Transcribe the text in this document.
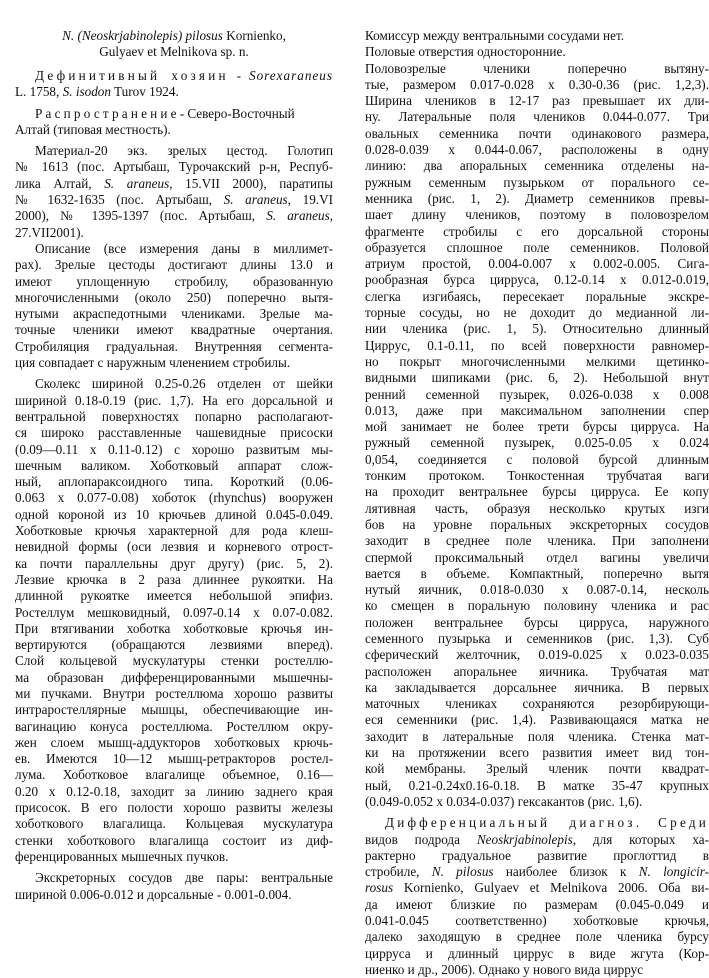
N. (Neoskrjabinolepis) pilosus Kornienko,
Gulyaev et Melnikova sp. n.
Дефинитивный хозяин - Sorexaraneus
L. 1758, S. isodon Turov 1924.
Распространение-Северо-Восточный
Алтай (типовая местность).
Материал-20 экз. зрелых цестод. Голотип
№ 1613 (пос. Артыбаш, Турочакский р-н, Респуб-
лика Алтай, S. araneus, 15.VII 2000), паратипы
№ 1632-1635 (пос. Артыбаш, S. araneus, 19.VI
2000), № 1395-1397 (пос. Артыбаш, S. araneus,
27.VII2001).
Описание (все измерения даны в миллимет-
рах). Зрелые цестоды достигают длины 13.0 и
имеют уплощенную стробилу, образованную
многочисленными (около 250) поперечно вытя-
нутыми акраспедотными члениками. Зрелые ма-
точные членики имеют квадратные очертания.
Стробиляция градуальная. Внутренняя сегмента-
ция совпадает с наружным членением стробилы.
Сколекс шириной 0.25-0.26 отделен от шейки
шириной 0.18-0.19 (рис. 1,7). На его дорсальной и
вентральной поверхностях попарно располагают-
ся широко расставленные чашевидные присоски
(0.09—0.11 x 0.11-0.12) с хорошо развитым мы-
шечным валиком. Хоботковый аппарат слож-
ный, аплопараксоидного типа. Короткий (0.06-
0.063 x 0.077-0.08) хоботок (rhynchus) вооружен
одной короной из 10 крючьев длиной 0.045-0.049.
Хоботковые крючья характерной для рода клеш-
невидной формы (оси лезвия и корневого отрост-
ка почти параллельны друг другу) (рис. 5, 2).
Лезвие крючка в 2 раза длиннее рукоятки. На
длинной рукоятке имеется небольшой эпифиз.
Ростеллум мешковидный, 0.097-0.14 x 0.07-0.082.
При втягивании хоботка хоботковые крючья ин-
вертируются (обращаются лезвиями вперед).
Слой кольцевой мускулатуры стенки ростеллю-
ма образован дифференцированными мышечны-
ми пучками. Внутри ростеллюма хорошо развиты
интраростеллярные мышцы, обеспечивающие ин-
вагинацию конуса ростеллюма. Ростеллюм окру-
жен слоем мышц-аддукторов хоботковых крючь-
ев. Имеются 10—12 мышц-ретракторов ростел-
лума. Хоботковое влагалище объемное, 0.16—
0.20 x 0.12-0.18, заходит за линию заднего края
присосок. В его полости хорошо развиты железы
хоботкового влагалища. Кольцевая мускулатура
стенки хоботкового влагалища состоит из диф-
ференцированных мышечных пучков.
Экскреторных сосудов две пары: вентральные
шириной 0.006-0.012 и дорсальные - 0.001-0.004.
Комиссур между вентральными сосудами нет.
Половые отверстия односторонние.
Половозрелые членики поперечно вытяну-
тые, размером 0.017-0.028 x 0.30-0.36 (рис. 1,2,3).
Ширина члеников в 12-17 раз превышает их дли-
ну. Латеральные поля члеников 0.044-0.077. Три
овальных семенника почти одинакового размера,
0.028-0.039 x 0.044-0.067, расположены в одну
линию: два апоральных семенника отделены на-
ружным семенным пузырьком от порального се-
менника (рис. 1, 2). Диаметр семенников превы-
шает длину члеников, поэтому в половозрелом
фрагменте стробилы с его дорсальной стороны
образуется сплошное поле семенников. Половой
атриум простой, 0.004-0.007 x 0.002-0.005. Сига-
рообразная бурса цирруса, 0.12-0.14 x 0.012-0.019,
слегка изгибаясь, пересекает поральные экскре-
торные сосуды, но не доходит до медианной ли-
нии членика (рис. 1, 5). Относительно длинный
Циррус, 0.1-0.11, по всей поверхности равномер-
но покрыт многочисленными мелкими щетинко-
видными шипиками (рис. 6, 2). Небольшой внут
ренний семенной пузырек, 0.026-0.038 x 0.008
0.013, даже при максимальном заполнении спер
мой занимает не более трети бурсы цирруса. На
ружный семенной пузырек, 0.025-0.05 x 0.024
0,054, соединяется с половой бурсой длинным
тонким протоком. Тонкостенная трубчатая ваги
на проходит вентральнее бурсы цирруса. Ее копу
лятивная часть, образуя несколько крутых изги
бов на уровне поральных экскреторных сосудов
заходит в среднее поле членика. При заполнени
спермой проксимальный отдел вагины увеличи
вается в объеме. Компактный, поперечно вытя
нутый яичник, 0.018-0.030 x 0.087-0.14, несколь
ко смещен в поральную половину членика и рас
положен вентральнее бурсы цирруса, наружного
семенного пузырька и семенников (рис. 1,3). Суб
сферический желточник, 0.019-0.025 x 0.023-0.035
расположен апоральнее яичника. Трубчатая мат
ка закладывается дорсальнее яичника. В первых
маточных члениках сохраняются резорбирующи-
еся семенники (рис. 1,4). Развивающаяся матка не
заходит в латеральные поля членика. Стенка мат-
ки на протяжении всего развития имеет вид тон-
кой мембраны. Зрелый членик почти квадрат-
ный, 0.21-0.24x0.16-0.18. В матке 35-47 крупных
(0.049-0.052 x 0.034-0.037) гексакантов (рис. 1,6).
Дифференциальный диагноз. Среди
видов подрода Neoskrjabinolepis, для которых ха-
рактерно градуальное развитие проглоттид в
стробиле, N. pilosus наиболее близок к N. longicir-
rosus Kornienko, Gulyaev et Melnikova 2006. Оба ви-
да имеют близкие по размерам (0.045-0.049 и
0.041-0.045 соответственно) хоботковые крючья,
далеко заходящую в среднее поле членика бурсу
цирруса и длинный циррус в виде жгута (Кор-
ниенко и др., 2006). Однако у нового вида циррус
